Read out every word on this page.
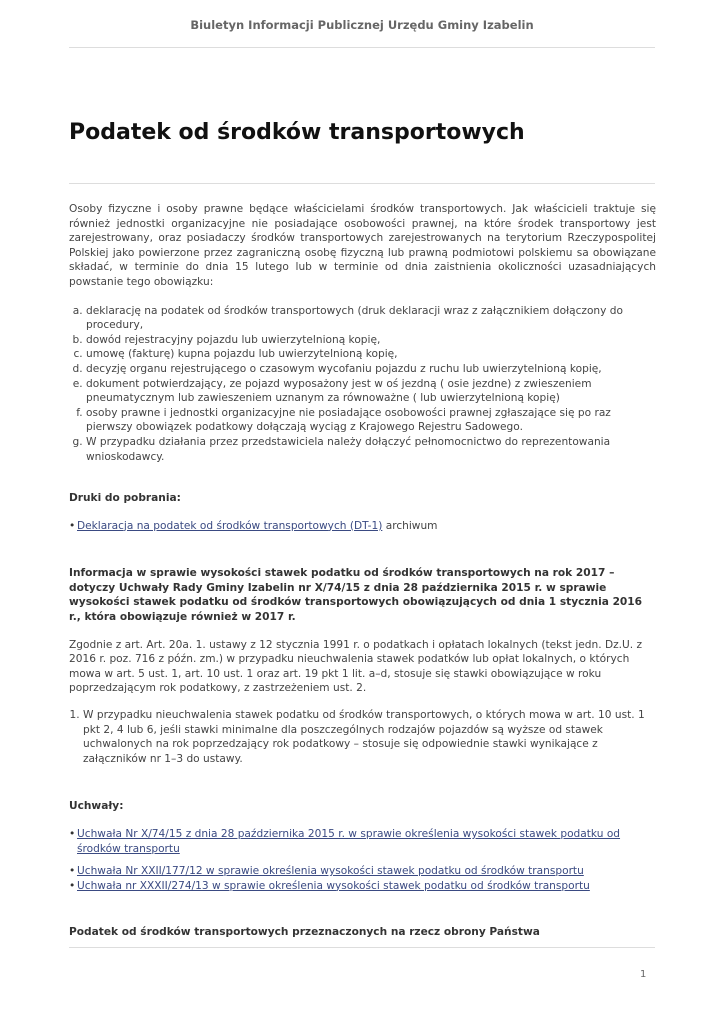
Biuletyn Informacji Publicznej Urzędu Gminy Izabelin
Podatek od środków transportowych

Osoby fizyczne i osoby prawne będące właścicielami środków transportowych. Jak właścicieli traktuje się również jednostki organizacyjne nie posiadające osobowości prawnej, na które środek transportowy jest zarejestrowany, oraz posiadaczy środków transportowych zarejestrowanych na terytorium Rzeczypospolitej Polskiej jako powierzone przez zagraniczną osobę fizyczną lub prawną podmiotowi polskiemu sa obowiązane składać, w terminie do dnia 15 lutego lub w terminie od dnia zaistnienia okoliczności uzasadniających powstanie tego obowiązku:

a. deklarację na podatek od środków transportowych (druk deklaracji wraz z załącznikiem dołączony do procedury,
b. dowód rejestracyjny pojazdu lub uwierzytelnioną kopię,
c. umowę (fakturę) kupna pojazdu lub uwierzytelnioną kopię,
d. decyzję organu rejestrującego o czasowym wycofaniu pojazdu z ruchu lub uwierzytelnioną kopię,
e. dokument potwierdzający, ze pojazd wyposażony jest w oś jezdną ( osie jezdne) z zwieszeniem pneumatycznym lub zawieszeniem uznanym za równoważne ( lub uwierzytelnioną kopię)
f. osoby prawne i jednostki organizacyjne nie posiadające osobowości prawnej zgłaszające się po raz pierwszy obowiązek podatkowy dołączają wyciąg z Krajowego Rejestru Sadowego.
g. W przypadku działania przez przedstawiciela należy dołączyć pełnomocnictwo do reprezentowania wnioskodawcy.

Druki do pobrania:

• Deklaracja na podatek od środków transportowych (DT-1) archiwum

Informacja w sprawie wysokości stawek podatku od środków transportowych na rok 2017 – dotyczy Uchwały Rady Gminy Izabelin nr X/74/15 z dnia 28 października 2015 r. w sprawie wysokości stawek podatku od środków transportowych obowiązujących od dnia 1 stycznia 2016 r., która obowiązuje również w 2017 r.

Zgodnie z art. Art. 20a. 1. ustawy z 12 stycznia 1991 r. o podatkach i opłatach lokalnych (tekst jedn. Dz.U. z 2016 r. poz. 716 z późn. zm.) w przypadku nieuchwalenia stawek podatków lub opłat lokalnych, o których mowa w art. 5 ust. 1, art. 10 ust. 1 oraz art. 19 pkt 1 lit. a–d, stosuje się stawki obowiązujące w roku poprzedzającym rok podatkowy, z zastrzeżeniem ust. 2.

1. W przypadku nieuchwalenia stawek podatku od środków transportowych, o których mowa w art. 10 ust. 1 pkt 2, 4 lub 6, jeśli stawki minimalne dla poszczególnych rodzajów pojazdów są wyższe od stawek uchwalonych na rok poprzedzający rok podatkowy – stosuje się odpowiednie stawki wynikające z załączników nr 1–3 do ustawy.

Uchwały:

• Uchwała Nr X/74/15 z dnia 28 października 2015 r. w sprawie określenia wysokości stawek podatku od środków transportu
• Uchwała Nr XXII/177/12 w sprawie określenia wysokości stawek podatku od środków transportu
• Uchwała nr XXXII/274/13 w sprawie określenia wysokości stawek podatku od środków transportu

Podatek od środków transportowych przeznaczonych na rzecz obrony Państwa

1
